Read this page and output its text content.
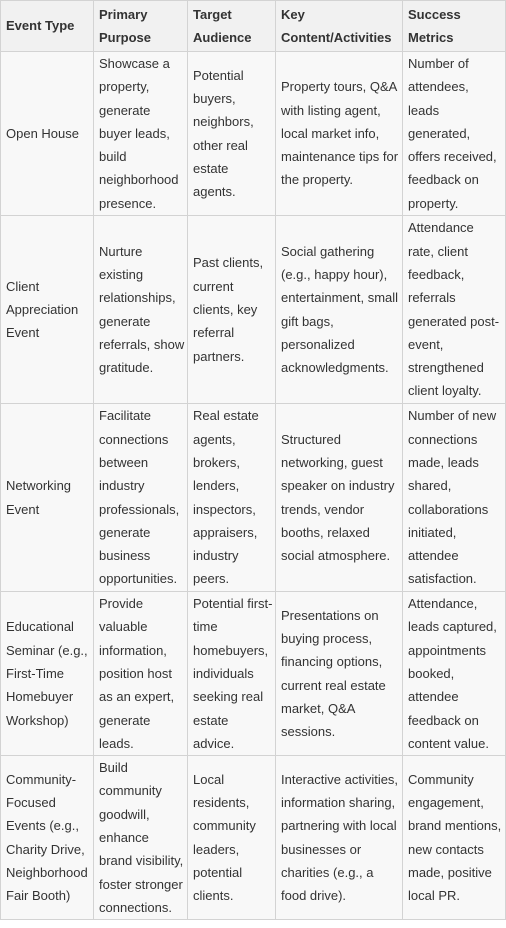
Event Type	Primary Purpose	Target Audience	Key Content/Activities	Success Metrics
Open House	Showcase a property, generate buyer leads, build neighborhood presence.	Potential buyers, neighbors, other real estate agents.	Property tours, Q&A with listing agent, local market info, maintenance tips for the property.	Number of attendees, leads generated, offers received, feedback on property.
Client Appreciation Event	Nurture existing relationships, generate referrals, show gratitude.	Past clients, current clients, key referral partners.	Social gathering (e.g., happy hour), entertainment, small gift bags, personalized acknowledgments.	Attendance rate, client feedback, referrals generated post-event, strengthened client loyalty.
Networking Event	Facilitate connections between industry professionals, generate business opportunities.	Real estate agents, brokers, lenders, inspectors, appraisers, industry peers.	Structured networking, guest speaker on industry trends, vendor booths, relaxed social atmosphere.	Number of new connections made, leads shared, collaborations initiated, attendee satisfaction.
Educational Seminar (e.g., First-Time Homebuyer Workshop)	Provide valuable information, position host as an expert, generate leads.	Potential first-time homebuyers, individuals seeking real estate advice.	Presentations on buying process, financing options, current real estate market, Q&A sessions.	Attendance, leads captured, appointments booked, attendee feedback on content value.
Community-Focused Events (e.g., Charity Drive, Neighborhood Fair Booth)	Build community goodwill, enhance brand visibility, foster stronger connections.	Local residents, community leaders, potential clients.	Interactive activities, information sharing, partnering with local businesses or charities (e.g., a food drive).	Community engagement, brand mentions, new contacts made, positive local PR.
